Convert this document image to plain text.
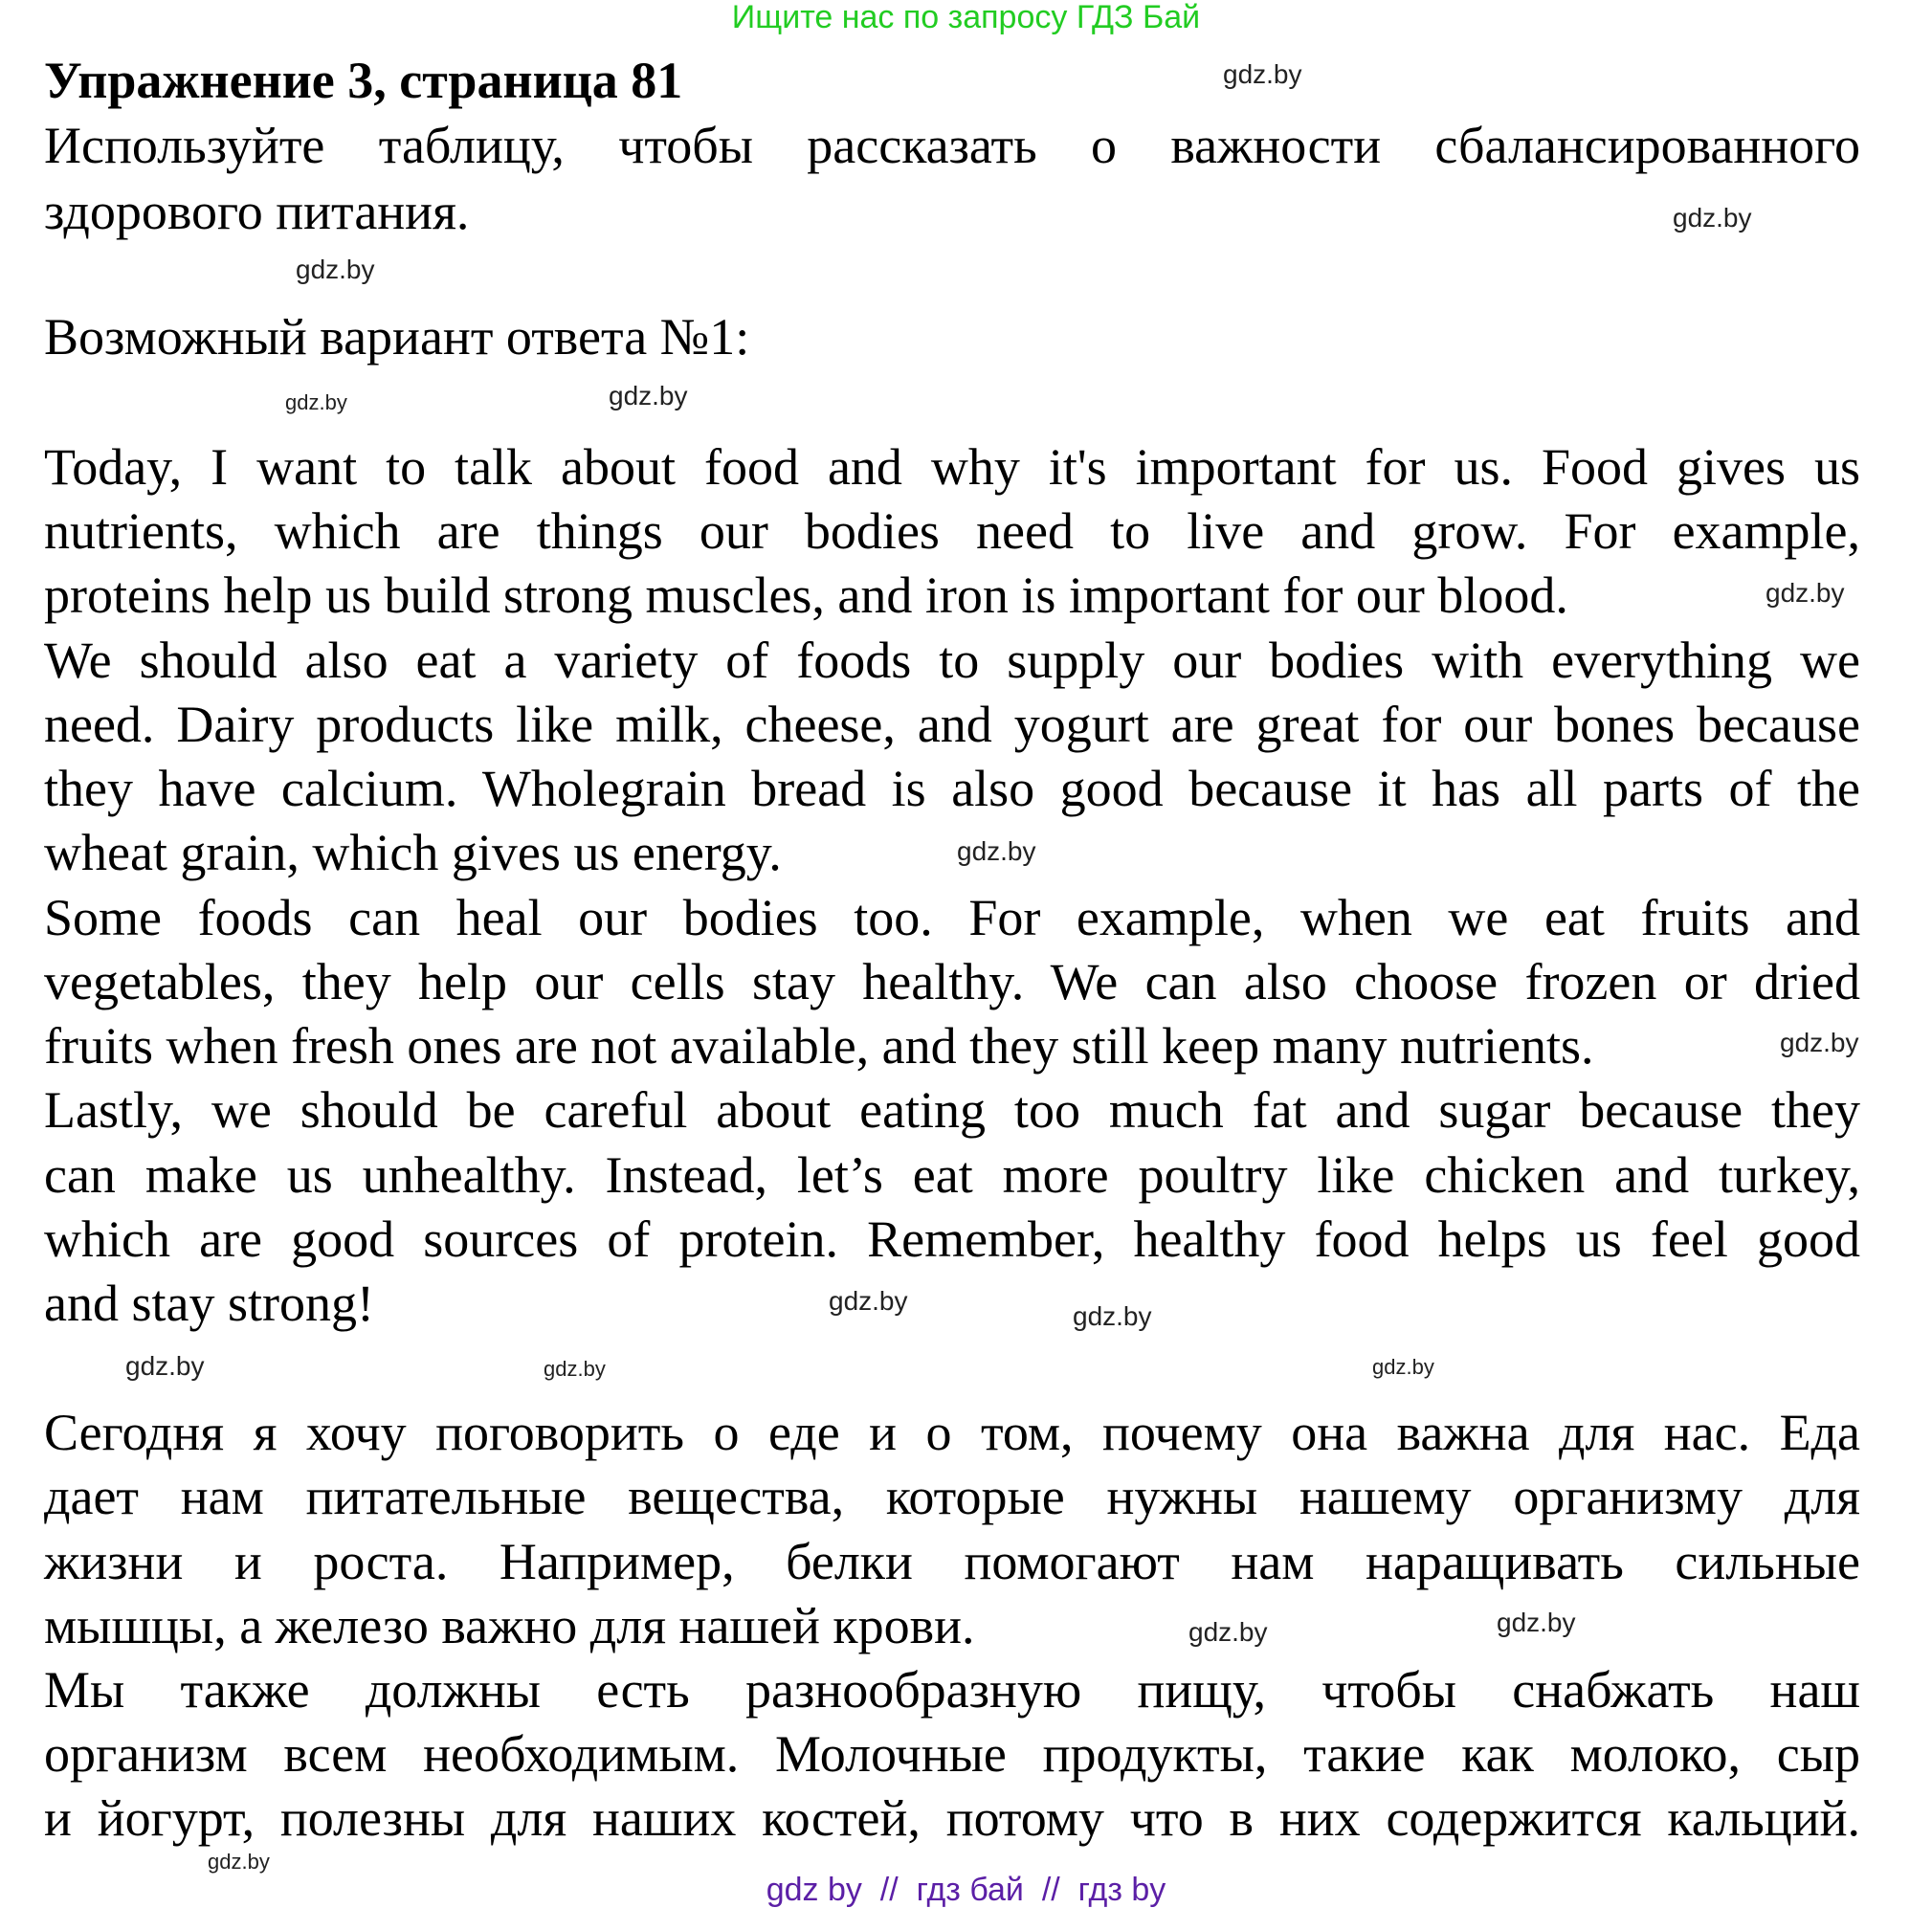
Ищите нас по запросу ГДЗ Бай
Упражнение 3, страница 81
Используйте таблицу, чтобы рассказать о важности сбалансированного
здорового питания.
Возможный вариант ответа №1:
Today, I want to talk about food and why it's important for us. Food gives us
nutrients, which are things our bodies need to live and grow. For example,
proteins help us build strong muscles, and iron is important for our blood.
We should also eat a variety of foods to supply our bodies with everything we
need. Dairy products like milk, cheese, and yogurt are great for our bones because
they have calcium. Wholegrain bread is also good because it has all parts of the
wheat grain, which gives us energy.
Some foods can heal our bodies too. For example, when we eat fruits and
vegetables, they help our cells stay healthy. We can also choose frozen or dried
fruits when fresh ones are not available, and they still keep many nutrients.
Lastly, we should be careful about eating too much fat and sugar because they
can make us unhealthy. Instead, let’s eat more poultry like chicken and turkey,
which are good sources of protein. Remember, healthy food helps us feel good
and stay strong!
Сегодня я хочу поговорить о еде и о том, почему она важна для нас. Еда
дает нам питательные вещества, которые нужны нашему организму для
жизни и роста. Например, белки помогают нам наращивать сильные
мышцы, а железо важно для нашей крови.
Мы также должны есть разнообразную пищу, чтобы снабжать наш
организм всем необходимым. Молочные продукты, такие как молоко, сыр
и йогурт, полезны для наших костей, потому что в них содержится кальций.
gdz.by
gdz.by
gdz.by
gdz.by
gdz.by
gdz.by
gdz.by
gdz.by
gdz.by
gdz.by
gdz.by
gdz.by	gdz.by
gdz.by
gdz.by
gdz.by
gdz by  //  гдз бай  //  гдз by
